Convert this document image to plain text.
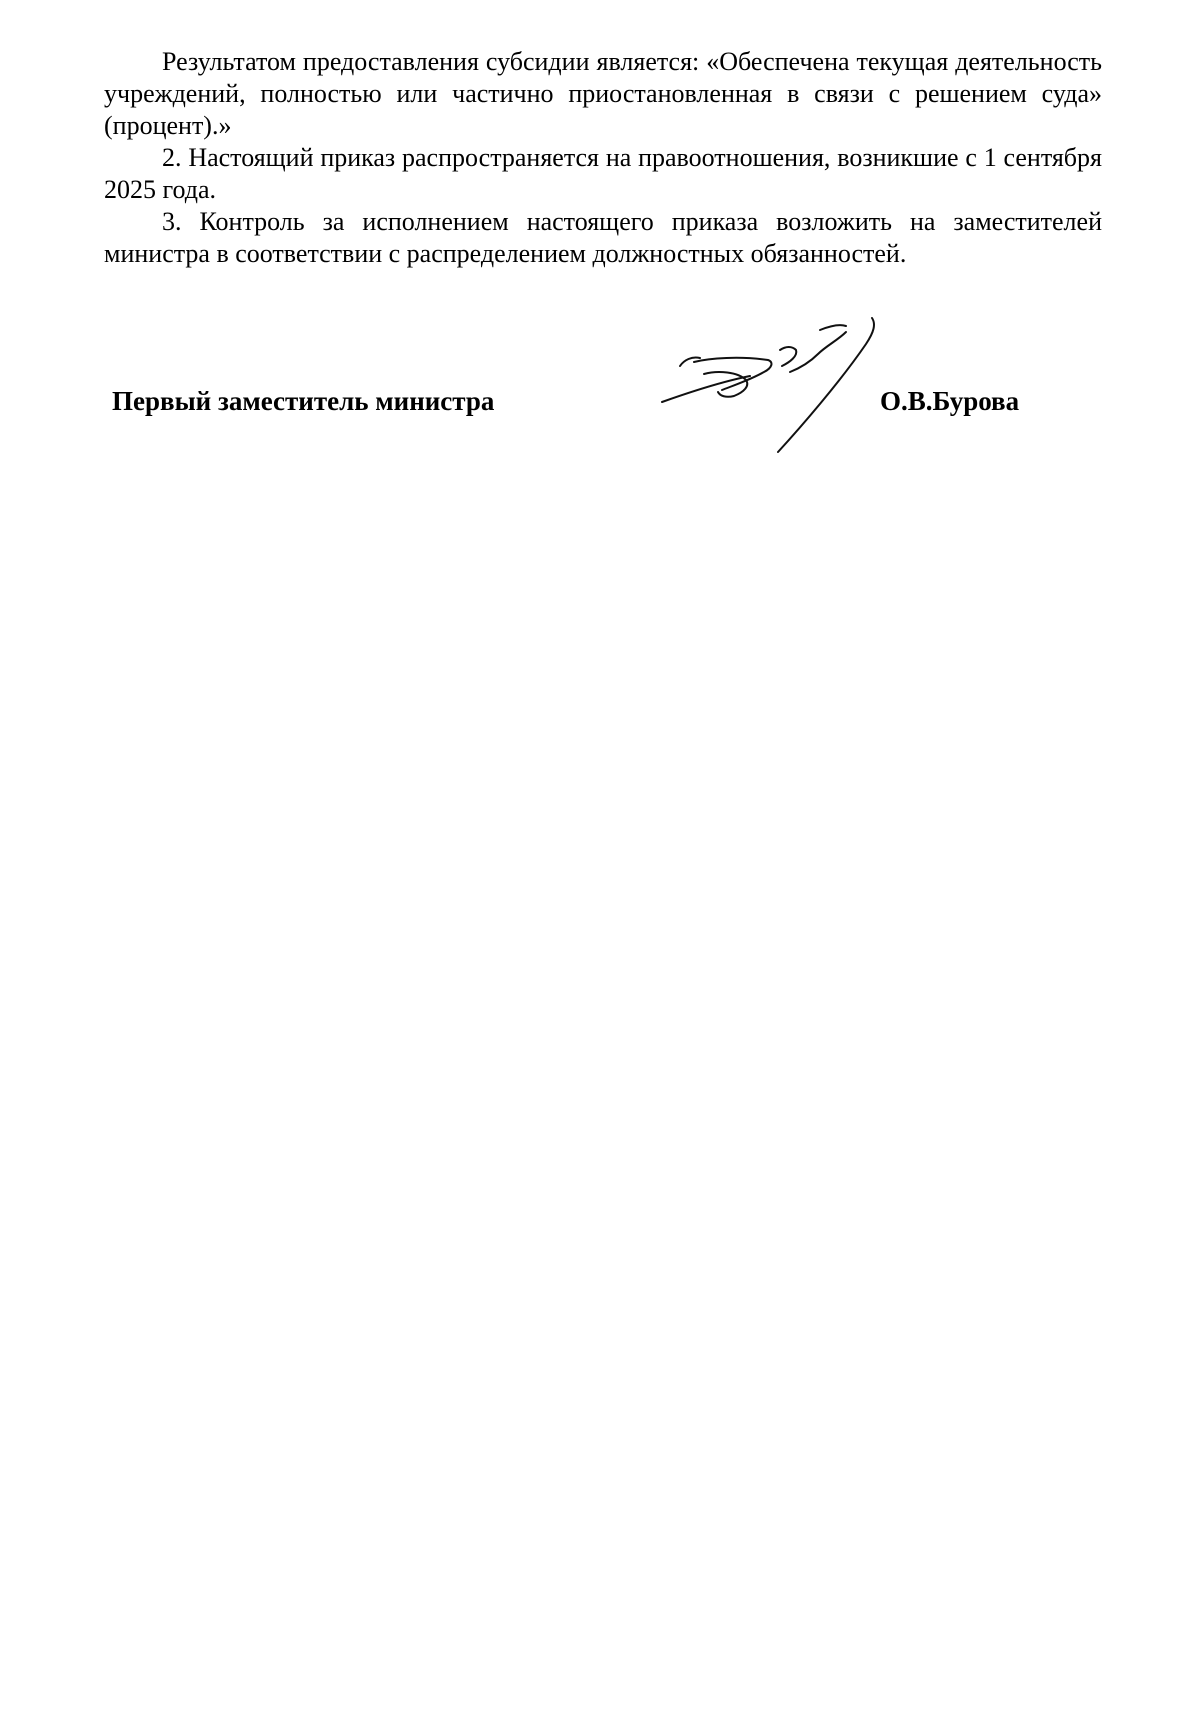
Результатом предоставления субсидии является: «Обеспечена текущая деятельность учреждений, полностью или частично приостановленная в связи с решением суда» (процент).»

2. Настоящий приказ распространяется на правоотношения, возникшие с 1 сентября 2025 года.

3. Контроль за исполнением настоящего приказа возложить на заместителей министра в соответствии с распределением должностных обязанностей.

Первый заместитель министра	О.В.Бурова
